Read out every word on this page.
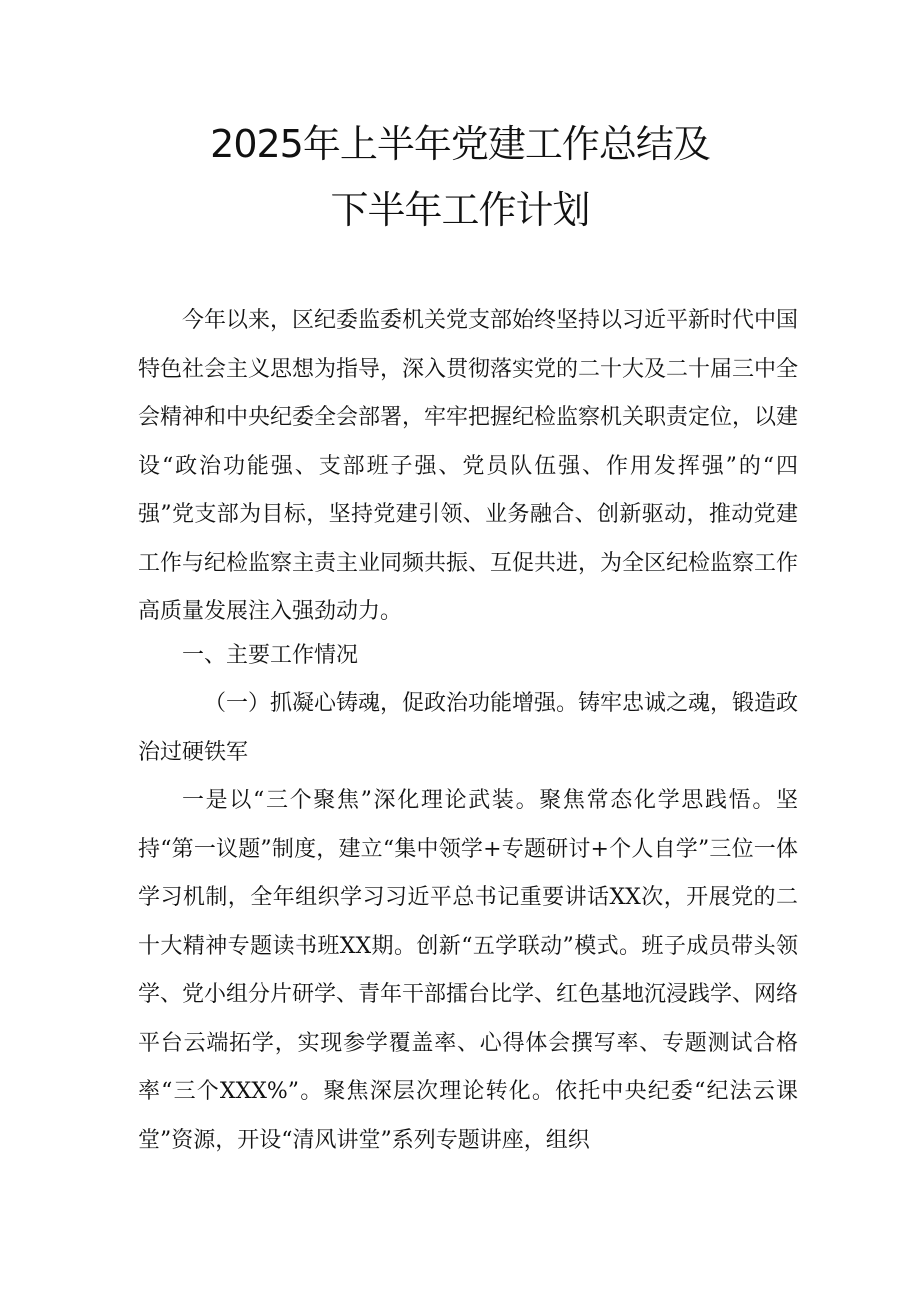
2025年上半年党建工作总结及
下半年工作计划

今年以来，区纪委监委机关党支部始终坚持以习近平新时代中国特色社会主义思想为指导，深入贯彻落实党的二十大及二十届三中全会精神和中央纪委全会部署，牢牢把握纪检监察机关职责定位，以建设“政治功能强、支部班子强、党员队伍强、作用发挥强”的“四强”党支部为目标，坚持党建引领、业务融合、创新驱动，推动党建工作与纪检监察主责主业同频共振、互促共进，为全区纪检监察工作高质量发展注入强劲动力。

一、主要工作情况

（一）抓凝心铸魂，促政治功能增强。铸牢忠诚之魂，锻造政治过硬铁军

一是以“三个聚焦”深化理论武装。聚焦常态化学思践悟。坚持“第一议题”制度，建立“集中领学+专题研讨+个人自学”三位一体学习机制，全年组织学习习近平总书记重要讲话XX次，开展党的二十大精神专题读书班XX期。创新“五学联动”模式。班子成员带头领学、党小组分片研学、青年干部擂台比学、红色基地沉浸践学、网络平台云端拓学，实现参学覆盖率、心得体会撰写率、专题测试合格率“三个XXX%”。聚焦深层次理论转化。依托中央纪委“纪法云课堂”资源，开设“清风讲堂”系列专题讲座，组织
